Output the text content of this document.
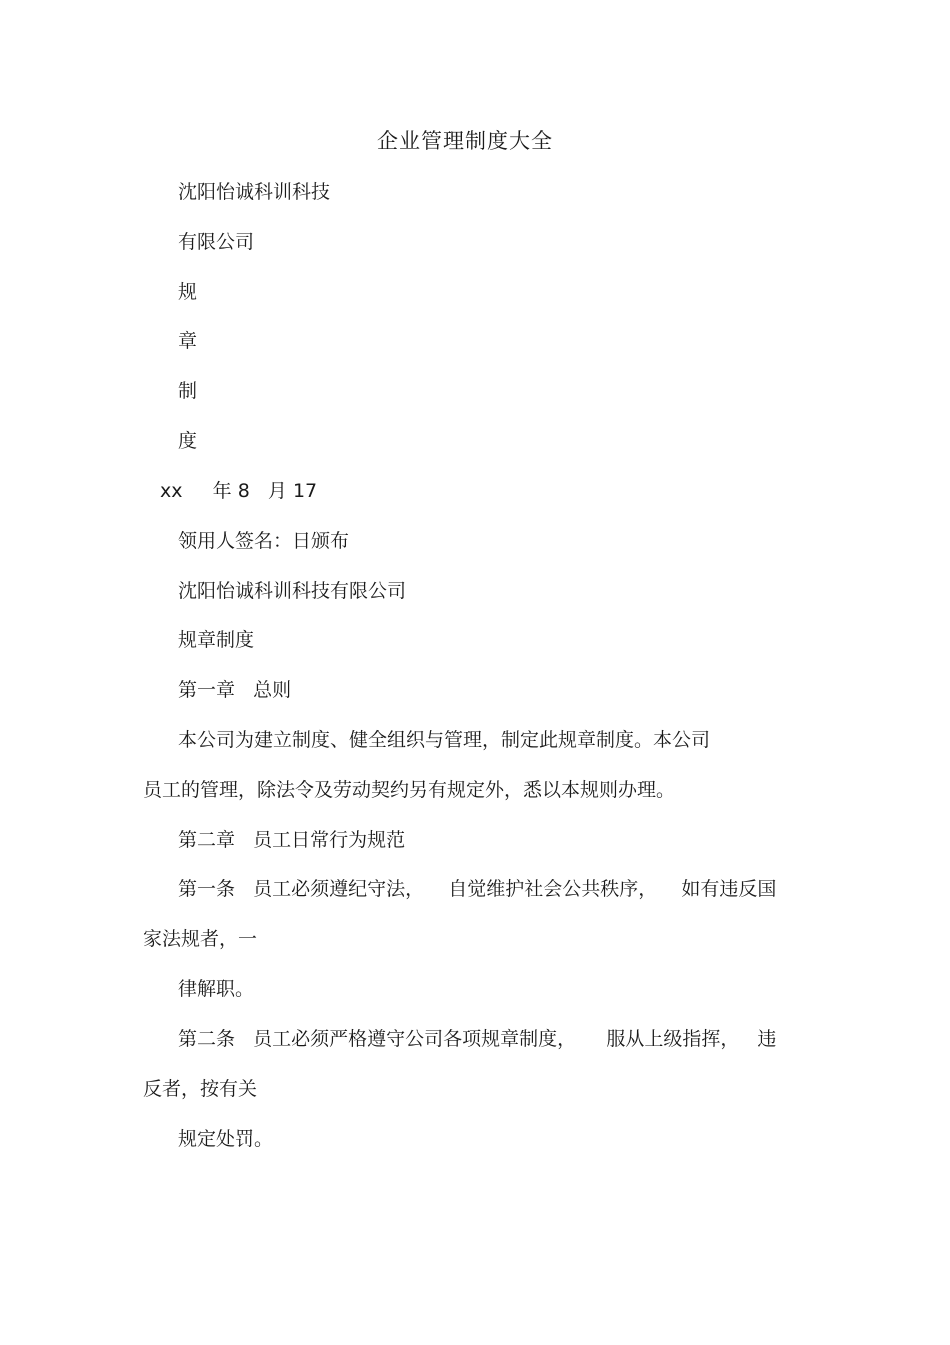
企业管理制度大全
沈阳怡诚科训科技
有限公司
规
章
制
度
xx     年 8   月 17
领用人签名：日颁布
沈阳怡诚科训科技有限公司
规章制度
第一章   总则
本公司为建立制度、健全组织与管理，制定此规章制度。本公司
员工的管理，除法令及劳动契约另有规定外，悉以本规则办理。
第二章   员工日常行为规范
第一条   员工必须遵纪守法，    自觉维护社会公共秩序，    如有违反国
家法规者，一
律解职。
第二条   员工必须严格遵守公司各项规章制度，     服从上级指挥，   违
反者，按有关
规定处罚。
